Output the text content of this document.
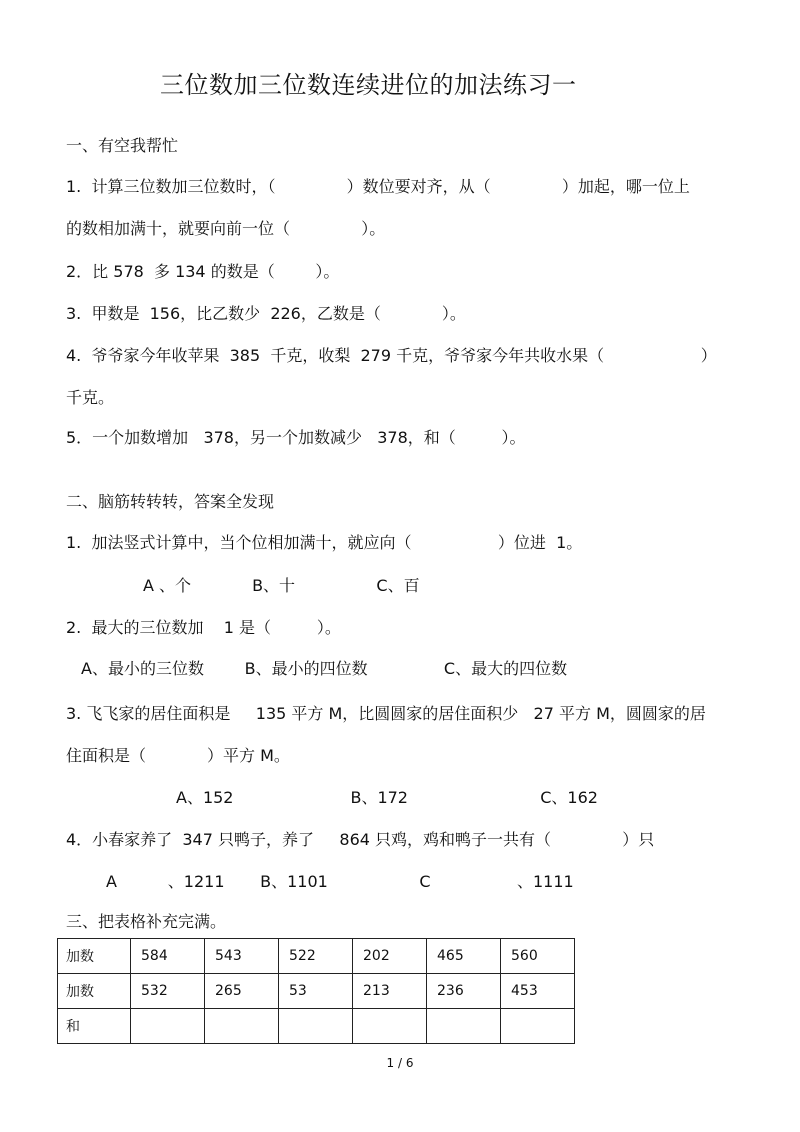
三位数加三位数连续进位的加法练习一
一、有空我帮忙
1.  计算三位数加三位数时，（              ）数位要对齐，从（              ）加起，哪一位上
的数相加满十，就要向前一位（              ）。
2．比 578  多 134 的数是（        ）。
3.  甲数是  156，比乙数少  226，乙数是（            ）。
4.  爷爷家今年收苹果  385  千克，收梨  279 千克，爷爷家今年共收水果（                   ）
千克。
5．一个加数增加   378，另一个加数减少   378，和（         ）。
二、脑筋转转转，答案全发现
1.  加法竖式计算中，当个位相加满十，就应向（                 ）位进  1。
A 、个            B、十                C、百
2.  最大的三位数加    1 是（         ）。
A、最小的三位数        B、最小的四位数               C、最大的四位数
3. 飞飞家的居住面积是     135 平方 M，比圆圆家的居住面积少   27 平方 M，圆圆家的居
住面积是（            ）平方 M。
A、152                       B、172                          C、162
4．小春家养了  347 只鸭子，养了     864 只鸡，鸡和鸭子一共有（              ）只
A          、1211       B、1101                  C                 、1111
三、把表格补充完满。
加数	584	543	522	202	465	560
加数	532	265	53	213	236	453
和						
1 / 6
